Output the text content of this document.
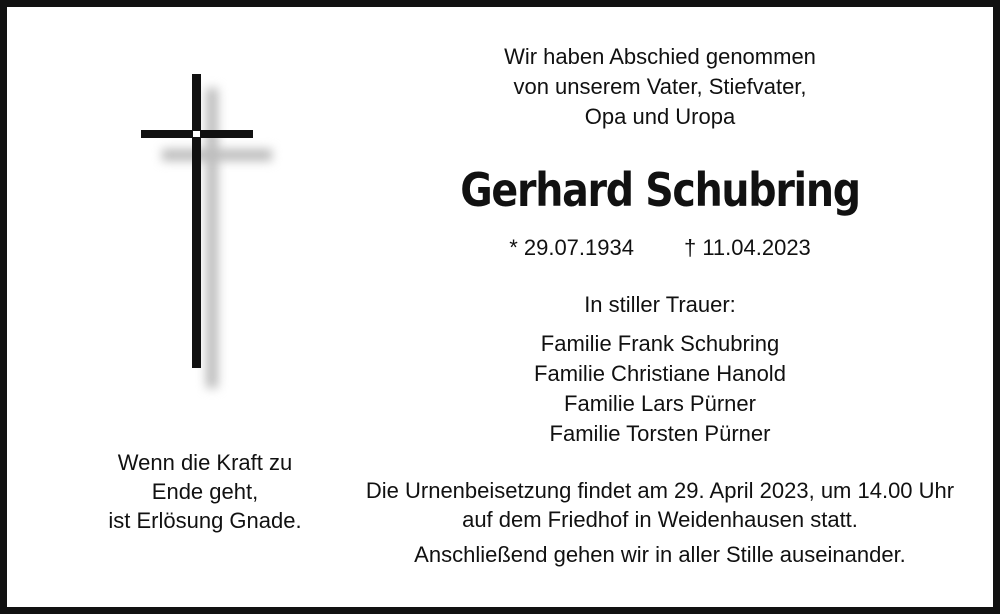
Wenn die Kraft zu
Ende geht,
ist Erlösung Gnade.
Wir haben Abschied genommen
von unserem Vater, Stiefvater,
Opa und Uropa
Gerhard Schubring
* 29.07.1934 † 11.04.2023
In stiller Trauer:
Familie Frank Schubring
Familie Christiane Hanold
Familie Lars Pürner
Familie Torsten Pürner
Die Urnenbeisetzung findet am 29. April 2023, um 14.00 Uhr
auf dem Friedhof in Weidenhausen statt.
Anschließend gehen wir in aller Stille auseinander.
